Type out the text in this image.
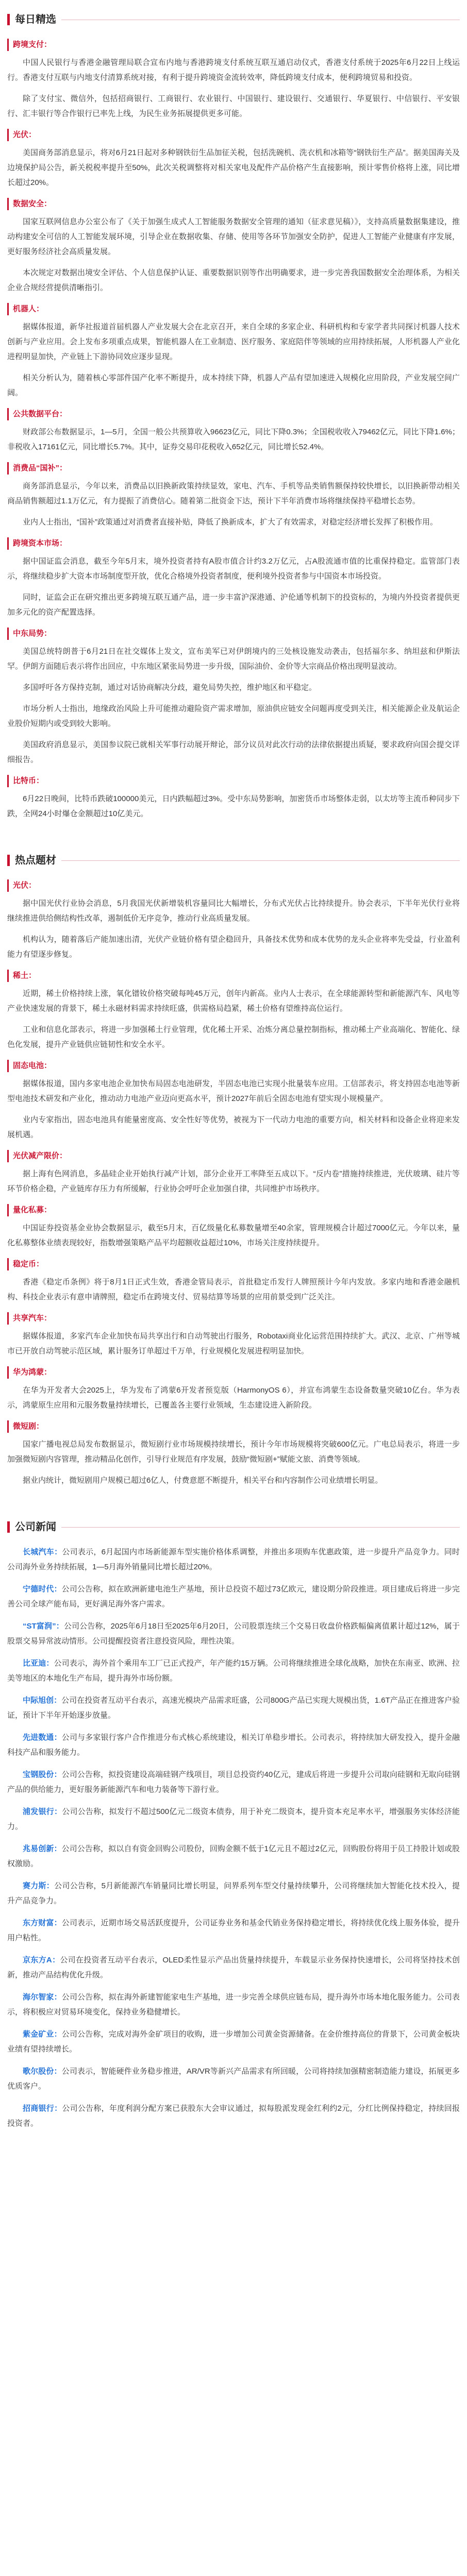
每日精选
跨境支付：

中国人民银行与香港金融管理局联合宣布内地与香港跨境支付系统互联互通启动仪式，香港支付系统于2025年6月22日上线运行。香港支付互联与内地支付清算系统对接，有利于提升跨境资金流转效率，降低跨境支付成本，便利跨境贸易和投资。

除了支付宝、微信外，包括招商银行、工商银行、农业银行、中国银行、建设银行、交通银行、华夏银行、中信银行、平安银行、汇丰银行等合作银行已率先上线，为民生业务拓展提供更多可能。

光伏：

美国商务部消息显示，将对6月21日起对多种钢铁衍生品加征关税，包括洗碗机、洗衣机和冰箱等“钢铁衍生产品”。据美国海关及边境保护局公告，新关税税率提升至50%，此次关税调整将对相关家电及配件产品价格产生直接影响，预计零售价格将上涨，同比增长超过20%。

数据安全：

国家互联网信息办公室公布了《关于加强生成式人工智能服务数据安全管理的通知（征求意见稿）》，支持高质量数据集建设，推动构建安全可信的人工智能发展环境，引导企业在数据收集、存储、使用等各环节加强安全防护，促进人工智能产业健康有序发展，更好服务经济社会高质量发展。

本次规定对数据出境安全评估、个人信息保护认证、重要数据识别等作出明确要求，进一步完善我国数据安全治理体系，为相关企业合规经营提供清晰指引。

机器人：

据媒体报道，新华社报道首届机器人产业发展大会在北京召开，来自全球的多家企业、科研机构和专家学者共同探讨机器人技术创新与产业应用。会上发布多项重点成果，智能机器人在工业制造、医疗服务、家庭陪伴等领域的应用持续拓展，人形机器人产业化进程明显加快，产业链上下游协同效应逐步显现。

相关分析认为，随着核心零部件国产化率不断提升，成本持续下降，机器人产品有望加速进入规模化应用阶段，产业发展空间广阔。

公共数据平台：

财政部公布数据显示，1—5月，全国一般公共预算收入96623亿元，同比下降0.3%；全国税收收入79462亿元，同比下降1.6%；非税收入17161亿元，同比增长5.7%。其中，证券交易印花税收入652亿元，同比增长52.4%。

消费品“国补”：

商务部消息显示，今年以来，消费品以旧换新政策持续显效，家电、汽车、手机等品类销售额保持较快增长，以旧换新带动相关商品销售额超过1.1万亿元，有力提振了消费信心。随着第二批资金下达，预计下半年消费市场将继续保持平稳增长态势。

业内人士指出，“国补”政策通过对消费者直接补贴，降低了换新成本，扩大了有效需求，对稳定经济增长发挥了积极作用。

跨境资本市场：

据中国证监会消息，截至今年5月末，境外投资者持有A股市值合计约3.2万亿元，占A股流通市值的比重保持稳定。监管部门表示，将继续稳步扩大资本市场制度型开放，优化合格境外投资者制度，便利境外投资者参与中国资本市场投资。

同时，证监会正在研究推出更多跨境互联互通产品，进一步丰富沪深港通、沪伦通等机制下的投资标的，为境内外投资者提供更加多元化的资产配置选择。

中东局势：

美国总统特朗普于6月21日在社交媒体上发文，宣布美军已对伊朗境内的三处核设施发动袭击，包括福尔多、纳坦兹和伊斯法罕。伊朗方面随后表示将作出回应，中东地区紧张局势进一步升级，国际油价、金价等大宗商品价格出现明显波动。

多国呼吁各方保持克制，通过对话协商解决分歧，避免局势失控，维护地区和平稳定。

市场分析人士指出，地缘政治风险上升可能推动避险资产需求增加，原油供应链安全问题再度受到关注，相关能源企业及航运企业股价短期内或受到较大影响。

美国政府消息显示，美国参议院已就相关军事行动展开辩论，部分议员对此次行动的法律依据提出质疑，要求政府向国会提交详细报告。

比特币：

6月22日晚间，比特币跌破100000美元，日内跌幅超过3%。受中东局势影响，加密货币市场整体走弱，以太坊等主流币种同步下跌，全网24小时爆仓金额超过10亿美元。

热点题材
光伏：

据中国光伏行业协会消息，5月我国光伏新增装机容量同比大幅增长，分布式光伏占比持续提升。协会表示，下半年光伏行业将继续推进供给侧结构性改革，遏制低价无序竞争，推动行业高质量发展。

机构认为，随着落后产能加速出清，光伏产业链价格有望企稳回升，具备技术优势和成本优势的龙头企业将率先受益，行业盈利能力有望逐步修复。

稀土：

近期，稀土价格持续上涨，氧化镨钕价格突破每吨45万元，创年内新高。业内人士表示，在全球能源转型和新能源汽车、风电等产业快速发展的背景下，稀土永磁材料需求持续旺盛，供需格局趋紧，稀土价格有望维持高位运行。

工业和信息化部表示，将进一步加强稀土行业管理，优化稀土开采、冶炼分离总量控制指标，推动稀土产业高端化、智能化、绿色化发展，提升产业链供应链韧性和安全水平。

固态电池：

据媒体报道，国内多家电池企业加快布局固态电池研发，半固态电池已实现小批量装车应用。工信部表示，将支持固态电池等新型电池技术研发和产业化，推动动力电池产业迈向更高水平，预计2027年前后全固态电池有望实现小规模量产。

业内专家指出，固态电池具有能量密度高、安全性好等优势，被视为下一代动力电池的重要方向，相关材料和设备企业将迎来发展机遇。

光伏减产限价：

据上海有色网消息，多晶硅企业开始执行减产计划，部分企业开工率降至五成以下。“反内卷”措施持续推进，光伏玻璃、硅片等环节价格企稳，产业链库存压力有所缓解，行业协会呼吁企业加强自律，共同维护市场秩序。

量化私募：

中国证券投资基金业协会数据显示，截至5月末，百亿级量化私募数量增至40余家，管理规模合计超过7000亿元。今年以来，量化私募整体业绩表现较好，指数增强策略产品平均超额收益超过10%，市场关注度持续提升。

稳定币：

香港《稳定币条例》将于8月1日正式生效，香港金管局表示，首批稳定币发行人牌照预计今年内发放。多家内地和香港金融机构、科技企业表示有意申请牌照，稳定币在跨境支付、贸易结算等场景的应用前景受到广泛关注。

共享汽车：

据媒体报道，多家汽车企业加快布局共享出行和自动驾驶出行服务，Robotaxi商业化运营范围持续扩大。武汉、北京、广州等城市已开放自动驾驶示范区域，累计服务订单超过千万单，行业规模化发展进程明显加快。

华为鸿蒙：

在华为开发者大会2025上，华为发布了鸿蒙6开发者预览版（HarmonyOS 6），并宣布鸿蒙生态设备数量突破10亿台。华为表示，鸿蒙原生应用和元服务数量持续增长，已覆盖各主要行业领域，生态建设进入新阶段。

微短剧：

国家广播电视总局发布数据显示，微短剧行业市场规模持续增长，预计今年市场规模将突破600亿元。广电总局表示，将进一步加强微短剧内容管理，推动精品化创作，引导行业规范有序发展，鼓励“微短剧+”赋能文旅、消费等领域。

据业内统计，微短剧用户规模已超过6亿人，付费意愿不断提升，相关平台和内容制作公司业绩增长明显。

公司新闻
长城汽车：公司表示，6月起国内市场新能源车型实施价格体系调整，并推出多项购车优惠政策，进一步提升产品竞争力。同时公司海外业务持续拓展，1—5月海外销量同比增长超过20%。
宁德时代：公司公告称，拟在欧洲新建电池生产基地，预计总投资不超过73亿欧元，建设期分阶段推进。项目建成后将进一步完善公司全球产能布局，更好满足海外客户需求。
“ST富润”：公司公告称，2025年6月18日至2025年6月20日，公司股票连续三个交易日收盘价格跌幅偏离值累计超过12%，属于股票交易异常波动情形。公司提醒投资者注意投资风险，理性决策。
比亚迪：公司表示，海外首个乘用车工厂已正式投产，年产能约15万辆。公司将继续推进全球化战略，加快在东南亚、欧洲、拉美等地区的本地化生产布局，提升海外市场份额。
中际旭创：公司在投资者互动平台表示，高速光模块产品需求旺盛，公司800G产品已实现大规模出货，1.6T产品正在推进客户验证，预计下半年开始逐步放量。
先进数通：公司与多家银行客户合作推进分布式核心系统建设，相关订单稳步增长。公司表示，将持续加大研发投入，提升金融科技产品和服务能力。
宝钢股份：公司公告称，拟投资建设高端硅钢产线项目，项目总投资约40亿元，建成后将进一步提升公司取向硅钢和无取向硅钢产品的供给能力，更好服务新能源汽车和电力装备等下游行业。
浦发银行：公司公告称，拟发行不超过500亿元二级资本债券，用于补充二级资本，提升资本充足率水平，增强服务实体经济能力。
兆易创新：公司公告称，拟以自有资金回购公司股份，回购金额不低于1亿元且不超过2亿元，回购股份将用于员工持股计划或股权激励。
赛力斯：公司公告称，5月新能源汽车销量同比增长明显，问界系列车型交付量持续攀升，公司将继续加大智能化技术投入，提升产品竞争力。
东方财富：公司表示，近期市场交易活跃度提升，公司证券业务和基金代销业务保持稳定增长，将持续优化线上服务体验，提升用户粘性。
京东方A：公司在投资者互动平台表示，OLED柔性显示产品出货量持续提升，车载显示业务保持快速增长，公司将坚持技术创新，推动产品结构优化升级。
海尔智家：公司公告称，拟在海外新建智能家电生产基地，进一步完善全球供应链布局，提升海外市场本地化服务能力。公司表示，将积极应对贸易环境变化，保持业务稳健增长。
紫金矿业：公司公告称，完成对海外金矿项目的收购，进一步增加公司黄金资源储备。在金价维持高位的背景下，公司黄金板块业绩有望持续增长。
歌尔股份：公司表示，智能硬件业务稳步推进，AR/VR等新兴产品需求有所回暖，公司将持续加强精密制造能力建设，拓展更多优质客户。
招商银行：公司公告称，年度利润分配方案已获股东大会审议通过，拟每股派发现金红利约2元，分红比例保持稳定，持续回报投资者。
